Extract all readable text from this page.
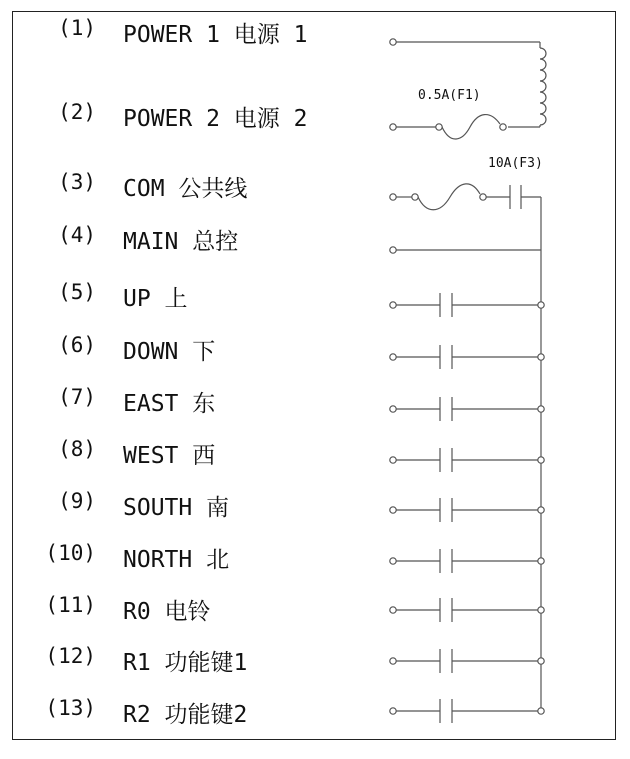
(1) POWER 1 电源 1
(2) POWER 2 电源 2
(3) COM 公共线
(4) MAIN 总控
(5) UP 上
(6) DOWN 下
(7) EAST 东
(8) WEST 西
(9) SOUTH 南
(10) NORTH 北
(11) R0 电铃
(12) R1 功能键1
(13) R2 功能键2
0.5A(F1)
10A(F3)
